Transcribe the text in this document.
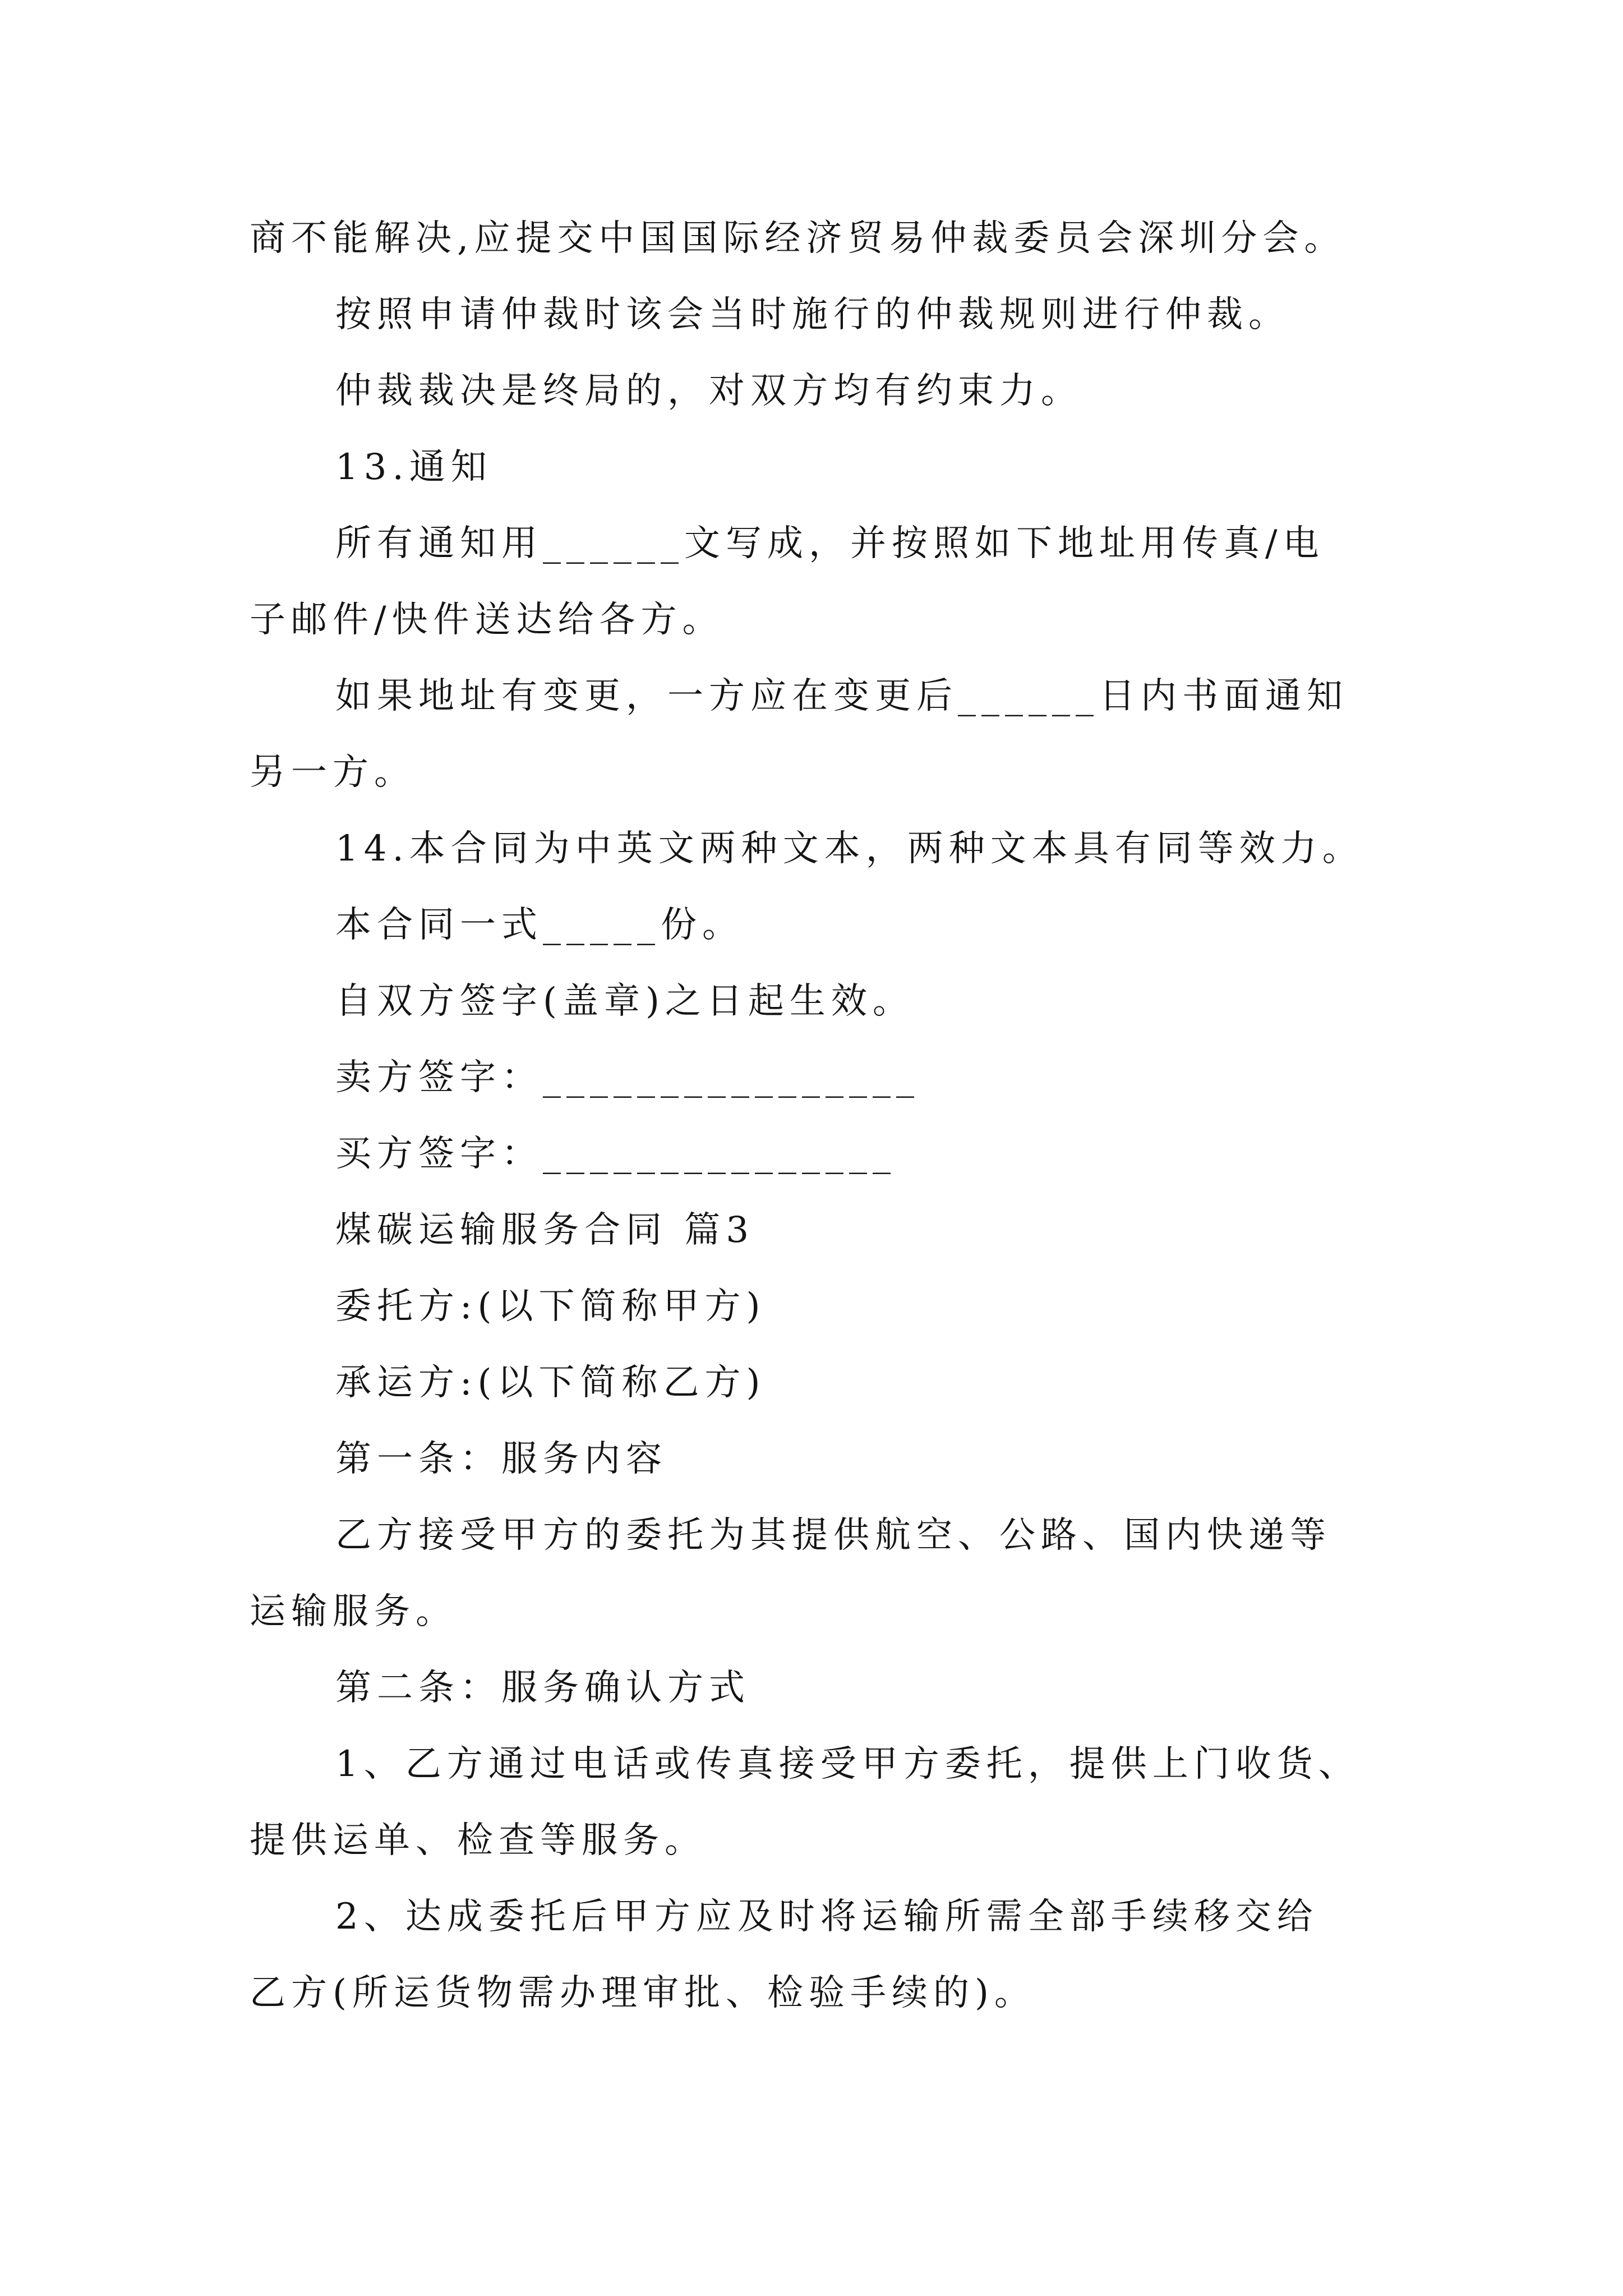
商不能解决,应提交中国国际经济贸易仲裁委员会深圳分会。
按照申请仲裁时该会当时施行的仲裁规则进行仲裁。
仲裁裁决是终局的，对双方均有约束力。
13.通知
所有通知用______文写成，并按照如下地址用传真/电
子邮件/快件送达给各方。
如果地址有变更，一方应在变更后______日内书面通知
另一方。
14.本合同为中英文两种文本，两种文本具有同等效力。
本合同一式_____份。
自双方签字(盖章)之日起生效。
卖方签字：________________
买方签字：_______________
煤碳运输服务合同 篇3
委托方:(以下简称甲方)
承运方:(以下简称乙方)
第一条：服务内容
乙方接受甲方的委托为其提供航空、公路、国内快递等
运输服务。
第二条：服务确认方式
1、乙方通过电话或传真接受甲方委托，提供上门收货、
提供运单、检查等服务。
2、达成委托后甲方应及时将运输所需全部手续移交给
乙方(所运货物需办理审批、检验手续的)。
